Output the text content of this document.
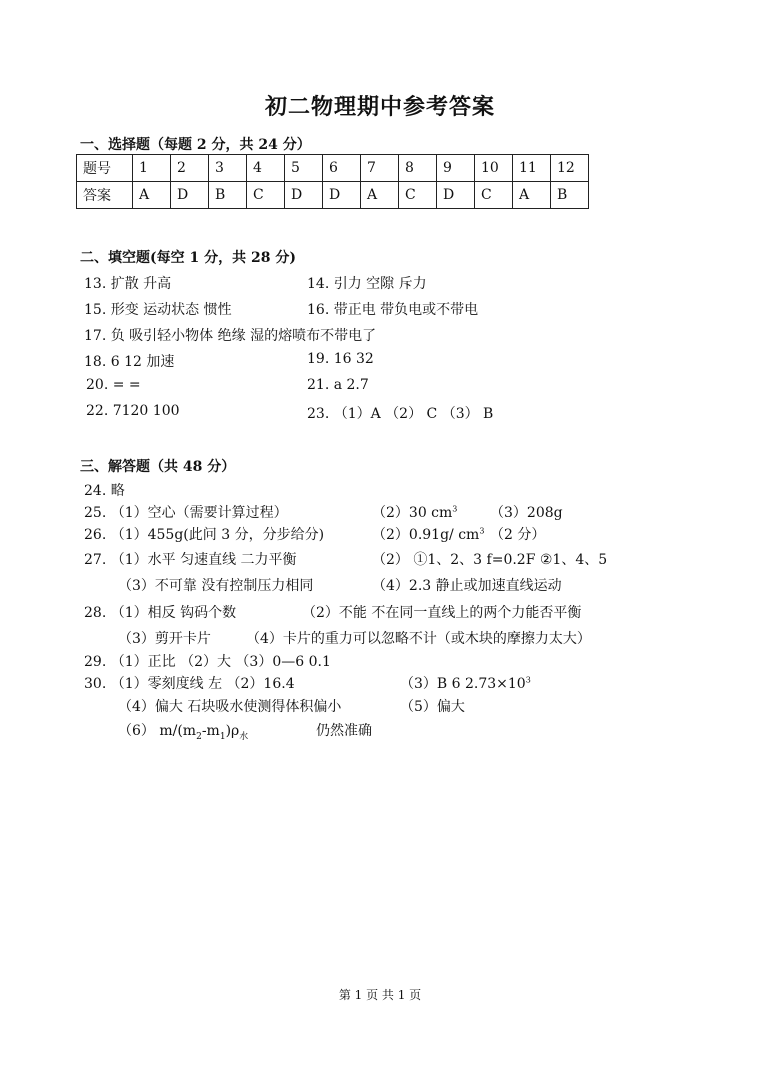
初二物理期中参考答案
一、选择题（每题 2 分，共 24 分）
题号	1	2	3	4	5	6	7	8	9	10	11	12
答案	A	D	B	C	D	D	A	C	D	C	A	B
二、填空题(每空 1 分，共 28 分)
13. 扩散 升高	14. 引力 空隙 斥力
15. 形变 运动状态 惯性	16. 带正电 带负电或不带电
17. 负 吸引轻小物体 绝缘 湿的熔喷布不带电了
18. 6 12 加速	19. 16 32
20. = =	21. a 2.7
22. 7120 100	23. （1）A （2） C （3） B
三、解答题（共 48 分）
24. 略
25. （1）空心（需要计算过程）	（2）30 $cm^3$ （3）208g
26. （1）455g(此问 3 分，分步给分)	（2）0.91g/ $cm^3$ （2 分）
27. （1）水平 匀速直线 二力平衡	（2） ①1、2、3 f=0.2F ②1、4、5
（3）不可靠 没有控制压力相同	（4）2.3 静止或加速直线运动
28. （1）相反 钩码个数	（2）不能 不在同一直线上的两个力能否平衡
（3）剪开卡片	（4）卡片的重力可以忽略不计（或木块的摩擦力太大）
29. （1）正比 （2）大 （3）0—6 0.1
30. （1）零刻度线 左 （2）16.4	（3）B 6 $2.73\times 10^3$
（4）偏大 石块吸水使测得体积偏小	（5）偏大
（6） $m/(m_2-m_1)\rho_水$	仍然准确
第 1 页 共 1 页
